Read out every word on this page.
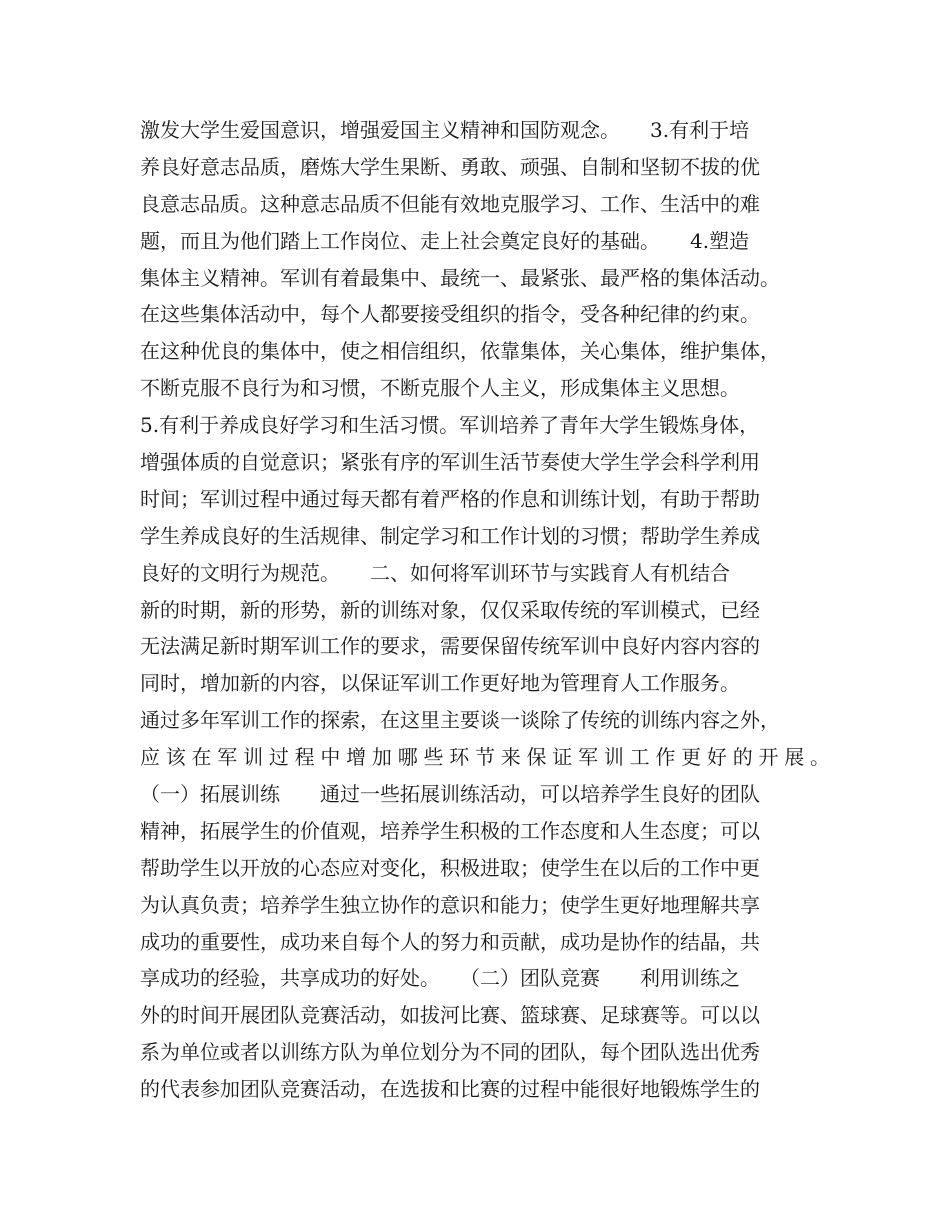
激发大学生爱国意识，增强爱国主义精神和国防观念。　　3.有利于培
养良好意志品质，磨炼大学生果断、勇敢、顽强、自制和坚韧不拔的优
良意志品质。这种意志品质不但能有效地克服学习、工作、生活中的难
题，而且为他们踏上工作岗位、走上社会奠定良好的基础。　　4.塑造
集体主义精神。军训有着最集中、最统一、最紧张、最严格的集体活动。
在这些集体活动中，每个人都要接受组织的指令，受各种纪律的约束。
在这种优良的集体中，使之相信组织，依靠集体，关心集体，维护集体，
不断克服不良行为和习惯，不断克服个人主义，形成集体主义思想。
5.有利于养成良好学习和生活习惯。军训培养了青年大学生锻炼身体，
增强体质的自觉意识；紧张有序的军训生活节奏使大学生学会科学利用
时间；军训过程中通过每天都有着严格的作息和训练计划，有助于帮助
学生养成良好的生活规律、制定学习和工作计划的习惯；帮助学生养成
良好的文明行为规范。　　二、如何将军训环节与实践育人有机结合
新的时期，新的形势，新的训练对象，仅仅采取传统的军训模式，已经
无法满足新时期军训工作的要求，需要保留传统军训中良好内容内容的
同时，增加新的内容，以保证军训工作更好地为管理育人工作服务。
通过多年军训工作的探索，在这里主要谈一谈除了传统的训练内容之外，
应该在军训过程中增加哪些环节来保证军训工作更好的开展。
（一）拓展训练　　通过一些拓展训练活动，可以培养学生良好的团队
精神，拓展学生的价值观，培养学生积极的工作态度和人生态度；可以
帮助学生以开放的心态应对变化，积极进取；使学生在以后的工作中更
为认真负责；培养学生独立协作的意识和能力；使学生更好地理解共享
成功的重要性，成功来自每个人的努力和贡献，成功是协作的结晶，共
享成功的经验，共享成功的好处。　　（二）团队竞赛　　利用训练之
外的时间开展团队竞赛活动，如拔河比赛、篮球赛、足球赛等。可以以
系为单位或者以训练方队为单位划分为不同的团队，每个团队选出优秀
的代表参加团队竞赛活动，在选拔和比赛的过程中能很好地锻炼学生的
